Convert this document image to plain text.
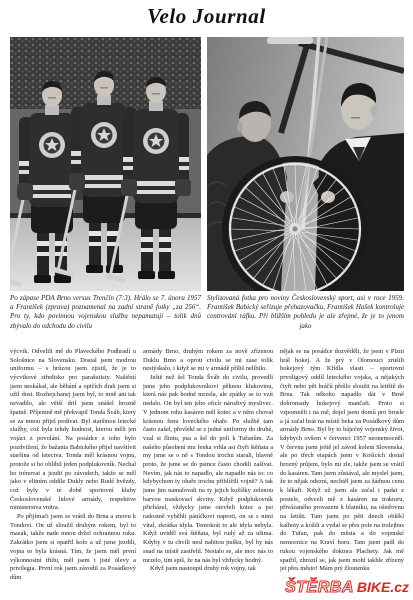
Velo Journal

Po zápase PDA Brno versus Trenčín (7:3). Hrálo se 7. února 1957 a František (zprava) poznamenal na zadní straně fotky „za 256“. Pro ty, kdo povinnou vojenskou službu nepamatují – tolik dnů zbývalo do odchodu do civilu

Stylizovaná fotka pro noviny Československý sport, asi v roce 1959. František Babický seřizuje přehazovačku, František Hašek kontroluje centrování ráfku. Při bližším pohledu je ale zřejmé, že je to jenom jako

výcvik. Odvelili mě do Plaveckého Podhradí u Sološnice na Slovensku. Dostal jsem modrou uniformu – s hrůzou jsem zjistil, že je to výcvikové středisko pro parašutisty. Naštěstí jsem neskákal, ale běhání a opičích drah jsem si užil dost. Rozhejchanej jsem byl, to mně ani tak nevadilo, ale větší dril jsem snášel hrozně špatně. Příjemně mě překvapil Tonda Šváb, který se za mnou přijel podívat. Byl staršinou letecké služby, což byla tehdy hodnost, kterou měli jen vojáci z povolání. Na posádce z toho bylo pozdvižení, že bažanta Babického přijel navštívit staršina od letectva. Tonda měl krásnou vojnu, protože si ho oblíbil jeden podplukovník. Nechal ho trénovat a jezdit po závodech, takže se měl jako v elitním oddíle Dukly nebo Rudé hvězdy, což byly v té době sportovní kluby Československé lidové armády, respektive ministerstva vnitra.

Po přijímači jsem se vrátil do Brna a znovu k Tondovi. On už sloužil druhým rokem, byl to mazák, takže nade mnou držel ochrannou ruku. Zakrátko jsem si opatřil kolo a už jsme jezdili, vojna to byla krásná. Tím, že jsem měl první výkonnostní třídu, měl jsem i jisté úlevy a privilegia. První rok jsem závodil za Posádkový dům

armády Brno, druhým rokem za nově zřízenou Duklu Brno a oproti civilu se mi zase tolik nestýskalo, i když se mi v armádě příliš nelíbilo.

Ještě než šel Tonda Šváb do civilu, provedli jsme jeho podplukovníkovi pěknou klukovinu, která nás pak hodně mrzela, ale zpátky se to vzít nedalo. On byl ten jeho oficír náruživý myslivec. V jednom rohu kasáren měl kotec a v něm choval krásnou fenu loveckého ohaře. Po službě tam často zašel, převlékl se z jedné uniformy do druhé, vzal si flintu, psa a šel do polí k Tuřanům. Za našeho působení mu fenka vrhla asi čtyři štěňata a my jsme se o ně s Tondou trochu starali, hlavně proto, že jsme se do psince často chodili zašívat. Nevím, jak nás to napadlo, ale napadlo nás to: co kdybychom ty ohaře trochu přiblížili vojně? A tak jsme jim namalovali na ty jejich kožíšky zelenou barvou maskovací skvrny. Když podplukovník přicházel, vždycky jsme otevřeli kotec a psi radostně vyběhli páníčkovi naproti, on se s nimi vítal, zkrátka idyla. Tentokrát to ale idyla nebyla. Když uviděl svá štěňata, byl rudý až za ušima. Kdyby v tu chvíli nesl nabitou pušku, byl by nás snad na místě zastřelil. Nestalo se, ale moc nás to mrzelo, tím spíš, že na nás byl vždycky hodný.

Když jsem nastoupil druhý rok vojny, tak

nějak se na posádce dozvěděli, že jsem v Plzni hrál hokej. A že prý v Olomouci zrušili hokejový tým Křídla vlasti – sportovní prvoligový oddíl leteckého vojska, a nějakých čtyři nebo pět hráčů přešlo sloužit na letiště do Brna. Tak někoho napadlo dát v Brně dohromady hokejový mančaft. Proto si vzpomněli i na mě, dojel jsem domů pro brusle a já začal hrát na místě beka za Posádkový dům armády Brno. Byl by to báječný vojenský život, kdybych ovšem v červenci 1957 neonemocněl. V červnu jsem ještě jel závod kolem Slovenska, ale po třech etapách jsem v Košicích dostal hrozný průjem, bylo mi zle, takže jsem se vrátil do kasáren. Tam jsem zůstával, ale myslel jsem, že to nějak odezní, nechtěl jsem za žádnou cenu k lékaři. Když už jsem ale začal i padat z postele, odvezli mě z kasáren na traktoru, přivázaného provazem k blatníku, na ošetřovnu na letišti. Tam jsem po pěti dnech oblékl kalhoty a košili a vydal se přes pole na trolejbus do Tuřan, pak do města a do vojenské nemocnice na Kraví horu. Tam jsem padl do rukou vojenského doktora Plachety. Jak mě spatřil, zhrozil se, jak jsem mohl takhle zřízený jet přes město! Mám prý žloutenku

ŠTĚRBA BIKE.cz
